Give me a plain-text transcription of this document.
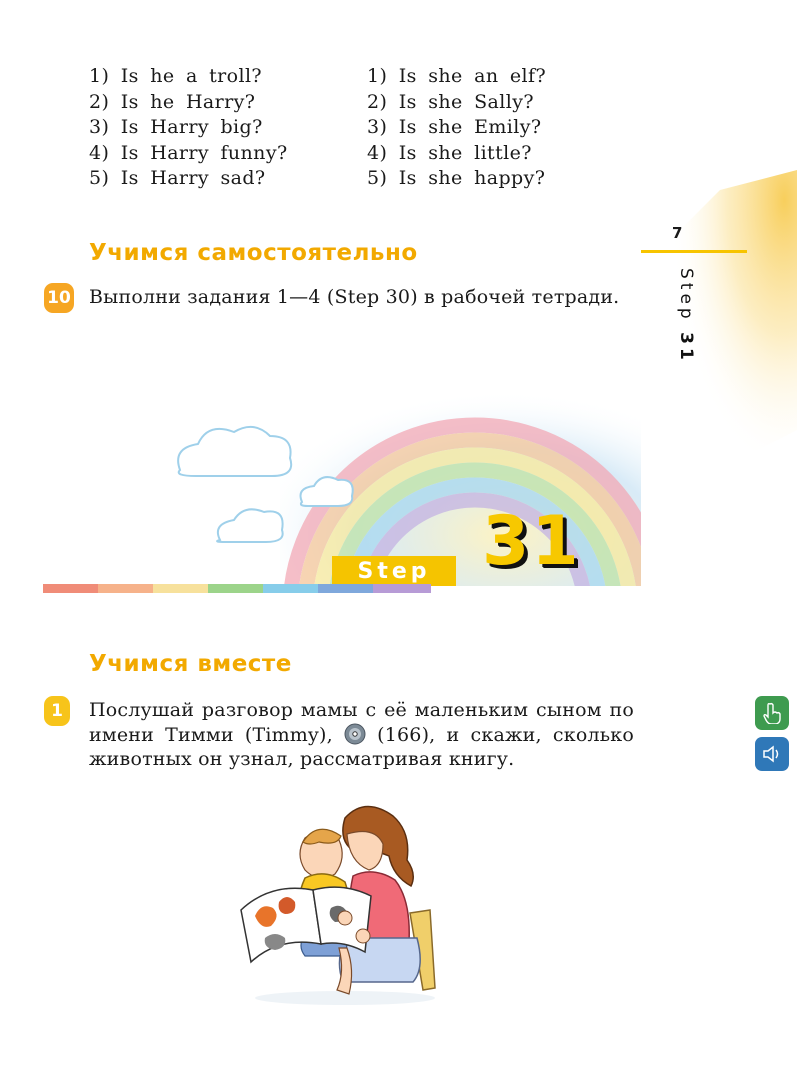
1) Is he a troll?
2) Is he Harry?
3) Is Harry big?
4) Is Harry funny?
5) Is Harry sad?
1) Is she an elf?
2) Is she Sally?
3) Is she Emily?
4) Is she little?
5) Is she happy?
Учимся самостоятельно
10 Выполни задания 1—4 (Step 30) в рабочей тетради.
7
Step 31
Step 31
Учимся вместе
1	Послушай разговор мамы с её маленьким сыном по имени Тимми (Timmy), (166), и скажи, сколько животных он узнал, рассматривая книгу.
